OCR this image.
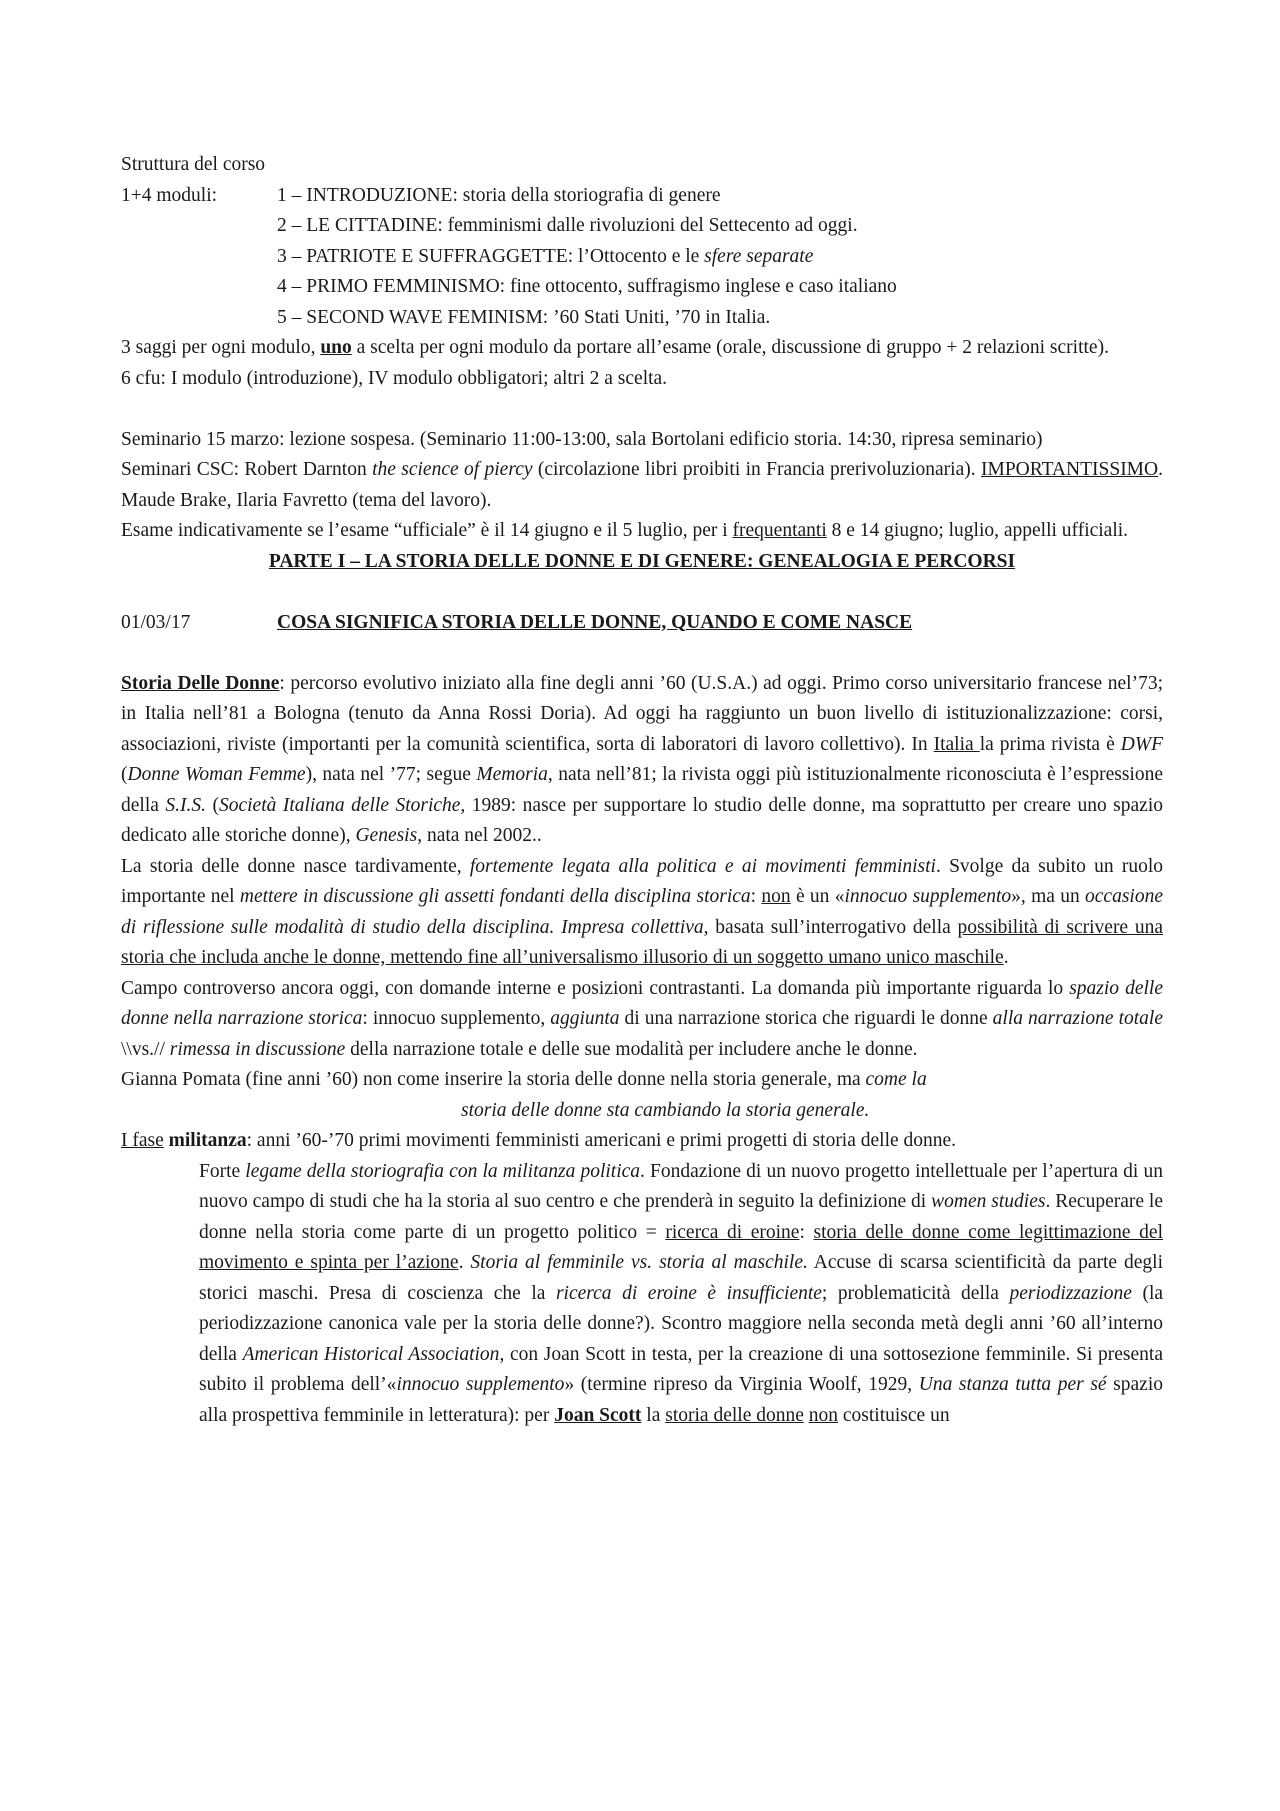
Struttura del corso

1+4 moduli:	1 – INTRODUZIONE: storia della storiografia di genere

2 – LE CITTADINE: femminismi dalle rivoluzioni del Settecento ad oggi.

3 – PATRIOTE E SUFFRAGGETTE: l’Ottocento e le sfere separate

4 – PRIMO FEMMINISMO: fine ottocento, suffragismo inglese e caso italiano

5 – SECOND WAVE FEMINISM: ’60 Stati Uniti, ’70 in Italia.

3 saggi per ogni modulo, uno a scelta per ogni modulo da portare all’esame (orale, discussione di gruppo + 2 relazioni scritte).

6 cfu: I modulo (introduzione), IV modulo obbligatori; altri 2 a scelta.

Seminario 15 marzo: lezione sospesa. (Seminario 11:00-13:00, sala Bortolani edificio storia. 14:30, ripresa seminario)

Seminari CSC: Robert Darnton the science of piercy (circolazione libri proibiti in Francia prerivoluzionaria). IMPORTANTISSIMO. Maude Brake, Ilaria Favretto (tema del lavoro).

Esame indicativamente se l’esame “ufficiale” è il 14 giugno e il 5 luglio, per i frequentanti 8 e 14 giugno; luglio, appelli ufficiali.

PARTE I – LA STORIA DELLE DONNE E DI GENERE: GENEALOGIA E PERCORSI

01/03/17	COSA SIGNIFICA STORIA DELLE DONNE, QUANDO E COME NASCE

Storia Delle Donne: percorso evolutivo iniziato alla fine degli anni ’60 (U.S.A.) ad oggi. Primo corso universitario francese nel’73; in Italia nell’81 a Bologna (tenuto da Anna Rossi Doria). Ad oggi ha raggiunto un buon livello di istituzionalizzazione: corsi, associazioni, riviste (importanti per la comunità scientifica, sorta di laboratori di lavoro collettivo). In Italia la prima rivista è DWF (Donne Woman Femme), nata nel ’77; segue Memoria, nata nell’81; la rivista oggi più istituzionalmente riconosciuta è l’espressione della S.I.S. (Società Italiana delle Storiche, 1989: nasce per supportare lo studio delle donne, ma soprattutto per creare uno spazio dedicato alle storiche donne), Genesis, nata nel 2002..

La storia delle donne nasce tardivamente, fortemente legata alla politica e ai movimenti femministi. Svolge da subito un ruolo importante nel mettere in discussione gli assetti fondanti della disciplina storica: non è un «innocuo supplemento», ma un occasione di riflessione sulle modalità di studio della disciplina. Impresa collettiva, basata sull’interrogativo della possibilità di scrivere una storia che includa anche le donne, mettendo fine all’universalismo illusorio di un soggetto umano unico maschile.

Campo controverso ancora oggi, con domande interne e posizioni contrastanti. La domanda più importante riguarda lo spazio delle donne nella narrazione storica: innocuo supplemento, aggiunta di una narrazione storica che riguardi le donne alla narrazione totale \\vs.// rimessa in discussione della narrazione totale e delle sue modalità per includere anche le donne.

Gianna Pomata (fine anni ’60) non come inserire la storia delle donne nella storia generale, ma come la

storia delle donne sta cambiando la storia generale.

I fase militanza: anni ’60-’70 primi movimenti femministi americani e primi progetti di storia delle donne.

Forte legame della storiografia con la militanza politica. Fondazione di un nuovo progetto intellettuale per l’apertura di un nuovo campo di studi che ha la storia al suo centro e che prenderà in seguito la definizione di women studies. Recuperare le donne nella storia come parte di un progetto politico = ricerca di eroine: storia delle donne come legittimazione del movimento e spinta per l’azione. Storia al femminile vs. storia al maschile. Accuse di scarsa scientificità da parte degli storici maschi. Presa di coscienza che la ricerca di eroine è insufficiente; problematicità della periodizzazione (la periodizzazione canonica vale per la storia delle donne?). Scontro maggiore nella seconda metà degli anni ’60 all’interno della American Historical Association, con Joan Scott in testa, per la creazione di una sottosezione femminile. Si presenta subito il problema dell’«innocuo supplemento» (termine ripreso da Virginia Woolf, 1929, Una stanza tutta per sé spazio alla prospettiva femminile in letteratura): per Joan Scott la storia delle donne non costituisce un
